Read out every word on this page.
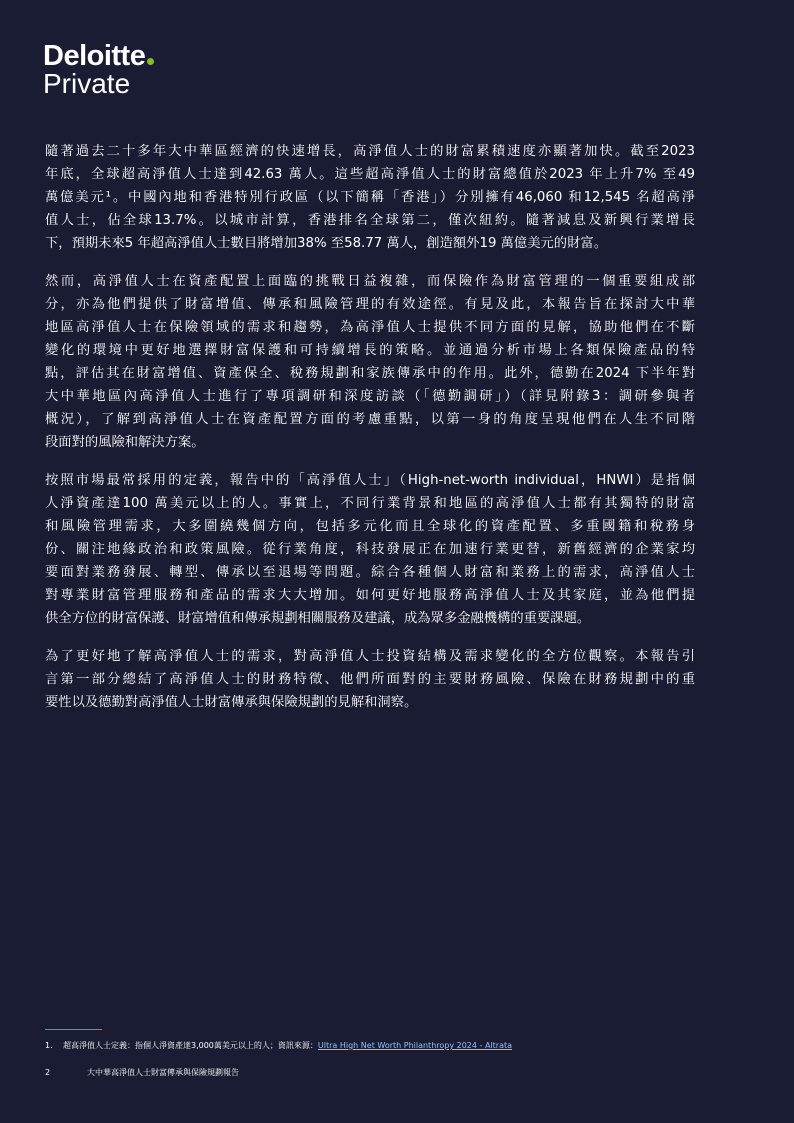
Deloitte
Private

隨著過去二十多年大中華區經濟的快速增長，高淨值人士的財富累積速度亦顯著加快。截至2023
年底，全球超高淨值人士達到42.63 萬人。這些超高淨值人士的財富總值於2023 年上升7% 至49
萬億美元¹。中國內地和香港特別行政區（以下簡稱「香港」）分別擁有46,060 和12,545 名超高淨
值人士，佔全球13.7%。以城市計算，香港排名全球第二，僅次紐約。隨著減息及新興行業增長
下，預期未來5 年超高淨值人士數目將增加38% 至58.77 萬人，創造額外19 萬億美元的財富。

然而，高淨值人士在資產配置上面臨的挑戰日益複雜，而保險作為財富管理的一個重要組成部
分，亦為他們提供了財富增值、傳承和風險管理的有效途徑。有見及此，本報告旨在探討大中華
地區高淨值人士在保險領域的需求和趨勢，為高淨值人士提供不同方面的見解，協助他們在不斷
變化的環境中更好地選擇財富保護和可持續增長的策略。並通過分析市場上各類保險產品的特
點，評估其在財富增值、資產保全、稅務規劃和家族傳承中的作用。此外，德勤在2024 下半年對
大中華地區內高淨值人士進行了專項調研和深度訪談（「德勤調研」）（詳見附錄3：調研參與者
概況），了解到高淨值人士在資產配置方面的考慮重點，以第一身的角度呈現他們在人生不同階
段面對的風險和解決方案。

按照市場最常採用的定義，報告中的「高淨值人士」（High-net-worth individual，HNWI）是指個
人淨資產達100 萬美元以上的人。事實上，不同行業背景和地區的高淨值人士都有其獨特的財富
和風險管理需求，大多圍繞幾個方向，包括多元化而且全球化的資產配置、多重國籍和稅務身
份、關注地緣政治和政策風險。從行業角度，科技發展正在加速行業更替，新舊經濟的企業家均
要面對業務發展、轉型、傳承以至退場等問題。綜合各種個人財富和業務上的需求，高淨值人士
對專業財富管理服務和產品的需求大大增加。如何更好地服務高淨值人士及其家庭，並為他們提
供全方位的財富保護、財富增值和傳承規劃相關服務及建議，成為眾多金融機構的重要課題。

為了更好地了解高淨值人士的需求，對高淨值人士投資結構及需求變化的全方位觀察。本報告引
言第一部分總結了高淨值人士的財務特徵、他們所面對的主要財務風險、保險在財務規劃中的重
要性以及德勤對高淨值人士財富傳承與保險規劃的見解和洞察。

1. 超高淨值人士定義：指個人淨資產達3,000萬美元以上的人；資訊來源：Ultra High Net Worth Philanthropy 2024 - Altrata
2	大中華高淨值人士財富傳承與保險規劃報告
